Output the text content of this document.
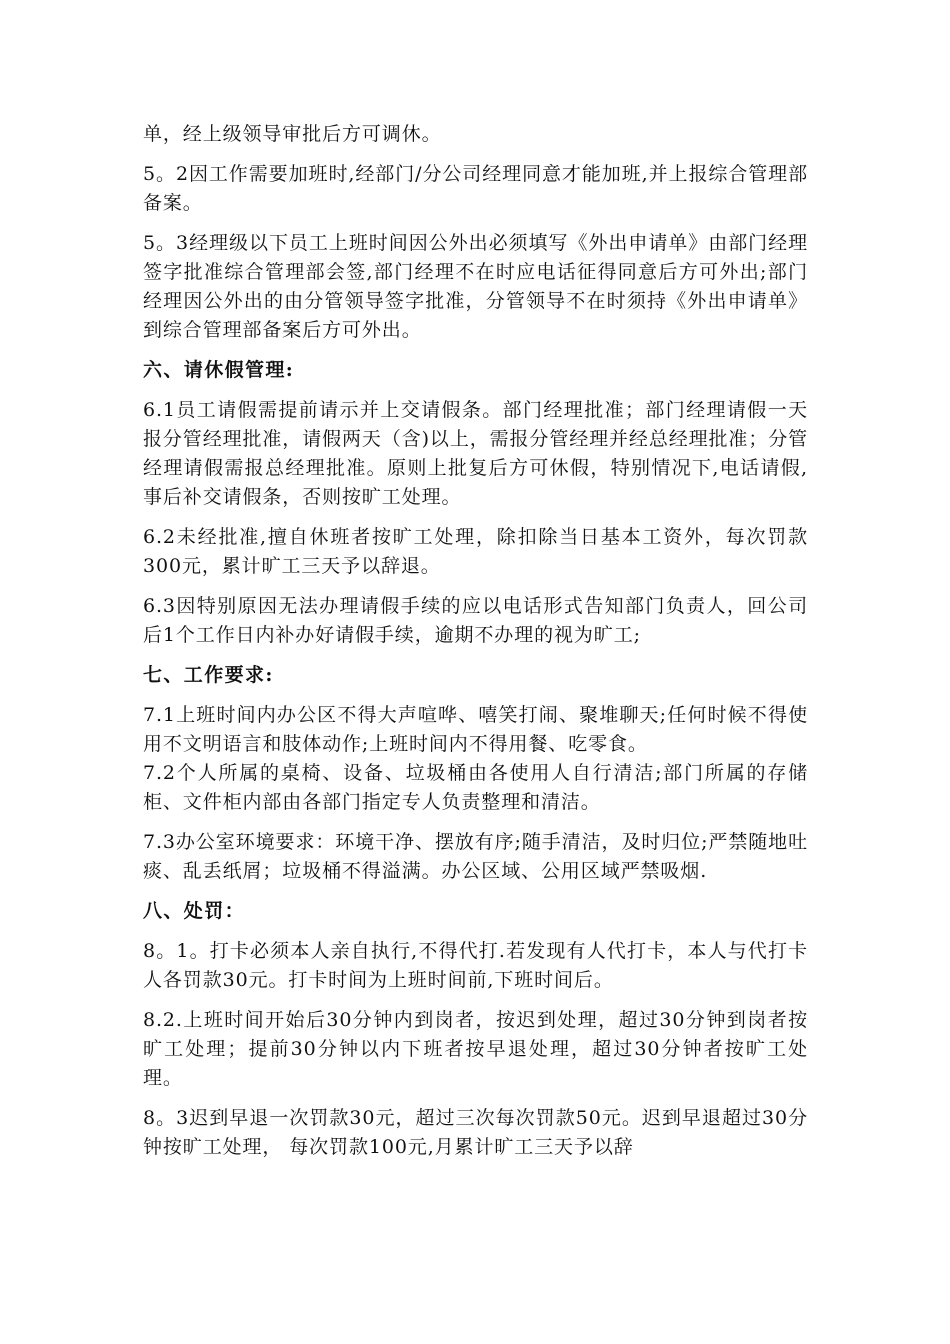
单，经上级领导审批后方可调休。

5。2因工作需要加班时,经部门/分公司经理同意才能加班,并上报综合管理部备案。

5。3经理级以下员工上班时间因公外出必须填写《外出申请单》由部门经理签字批准综合管理部会签,部门经理不在时应电话征得同意后方可外出;部门经理因公外出的由分管领导签字批准，分管领导不在时须持《外出申请单》到综合管理部备案后方可外出。

六、请休假管理:

6.1员工请假需提前请示并上交请假条。部门经理批准；部门经理请假一天报分管经理批准，请假两天（含)以上，需报分管经理并经总经理批准；分管经理请假需报总经理批准。原则上批复后方可休假，特别情况下,电话请假,事后补交请假条，否则按旷工处理。

6.2未经批准,擅自休班者按旷工处理，除扣除当日基本工资外，每次罚款300元，累计旷工三天予以辞退。

6.3因特别原因无法办理请假手续的应以电话形式告知部门负责人，回公司后1个工作日内补办好请假手续，逾期不办理的视为旷工;

七、工作要求:

7.1上班时间内办公区不得大声喧哗、嘻笑打闹、聚堆聊天;任何时候不得使用不文明语言和肢体动作;上班时间内不得用餐、吃零食。

7.2个人所属的桌椅、设备、垃圾桶由各使用人自行清洁;部门所属的存储柜、文件柜内部由各部门指定专人负责整理和清洁。

7.3办公室环境要求：环境干净、摆放有序;随手清洁，及时归位;严禁随地吐痰、乱丢纸屑；垃圾桶不得溢满。办公区域、公用区域严禁吸烟.

八、处罚：

8。1。打卡必须本人亲自执行,不得代打.若发现有人代打卡，本人与代打卡人各罚款30元。打卡时间为上班时间前,下班时间后。

8.2.上班时间开始后30分钟内到岗者，按迟到处理，超过30分钟到岗者按旷工处理；提前30分钟以内下班者按早退处理，超过30分钟者按旷工处理。

8。3迟到早退一次罚款30元，超过三次每次罚款50元。迟到早退超过30分钟按旷工处理， 每次罚款100元,月累计旷工三天予以辞
